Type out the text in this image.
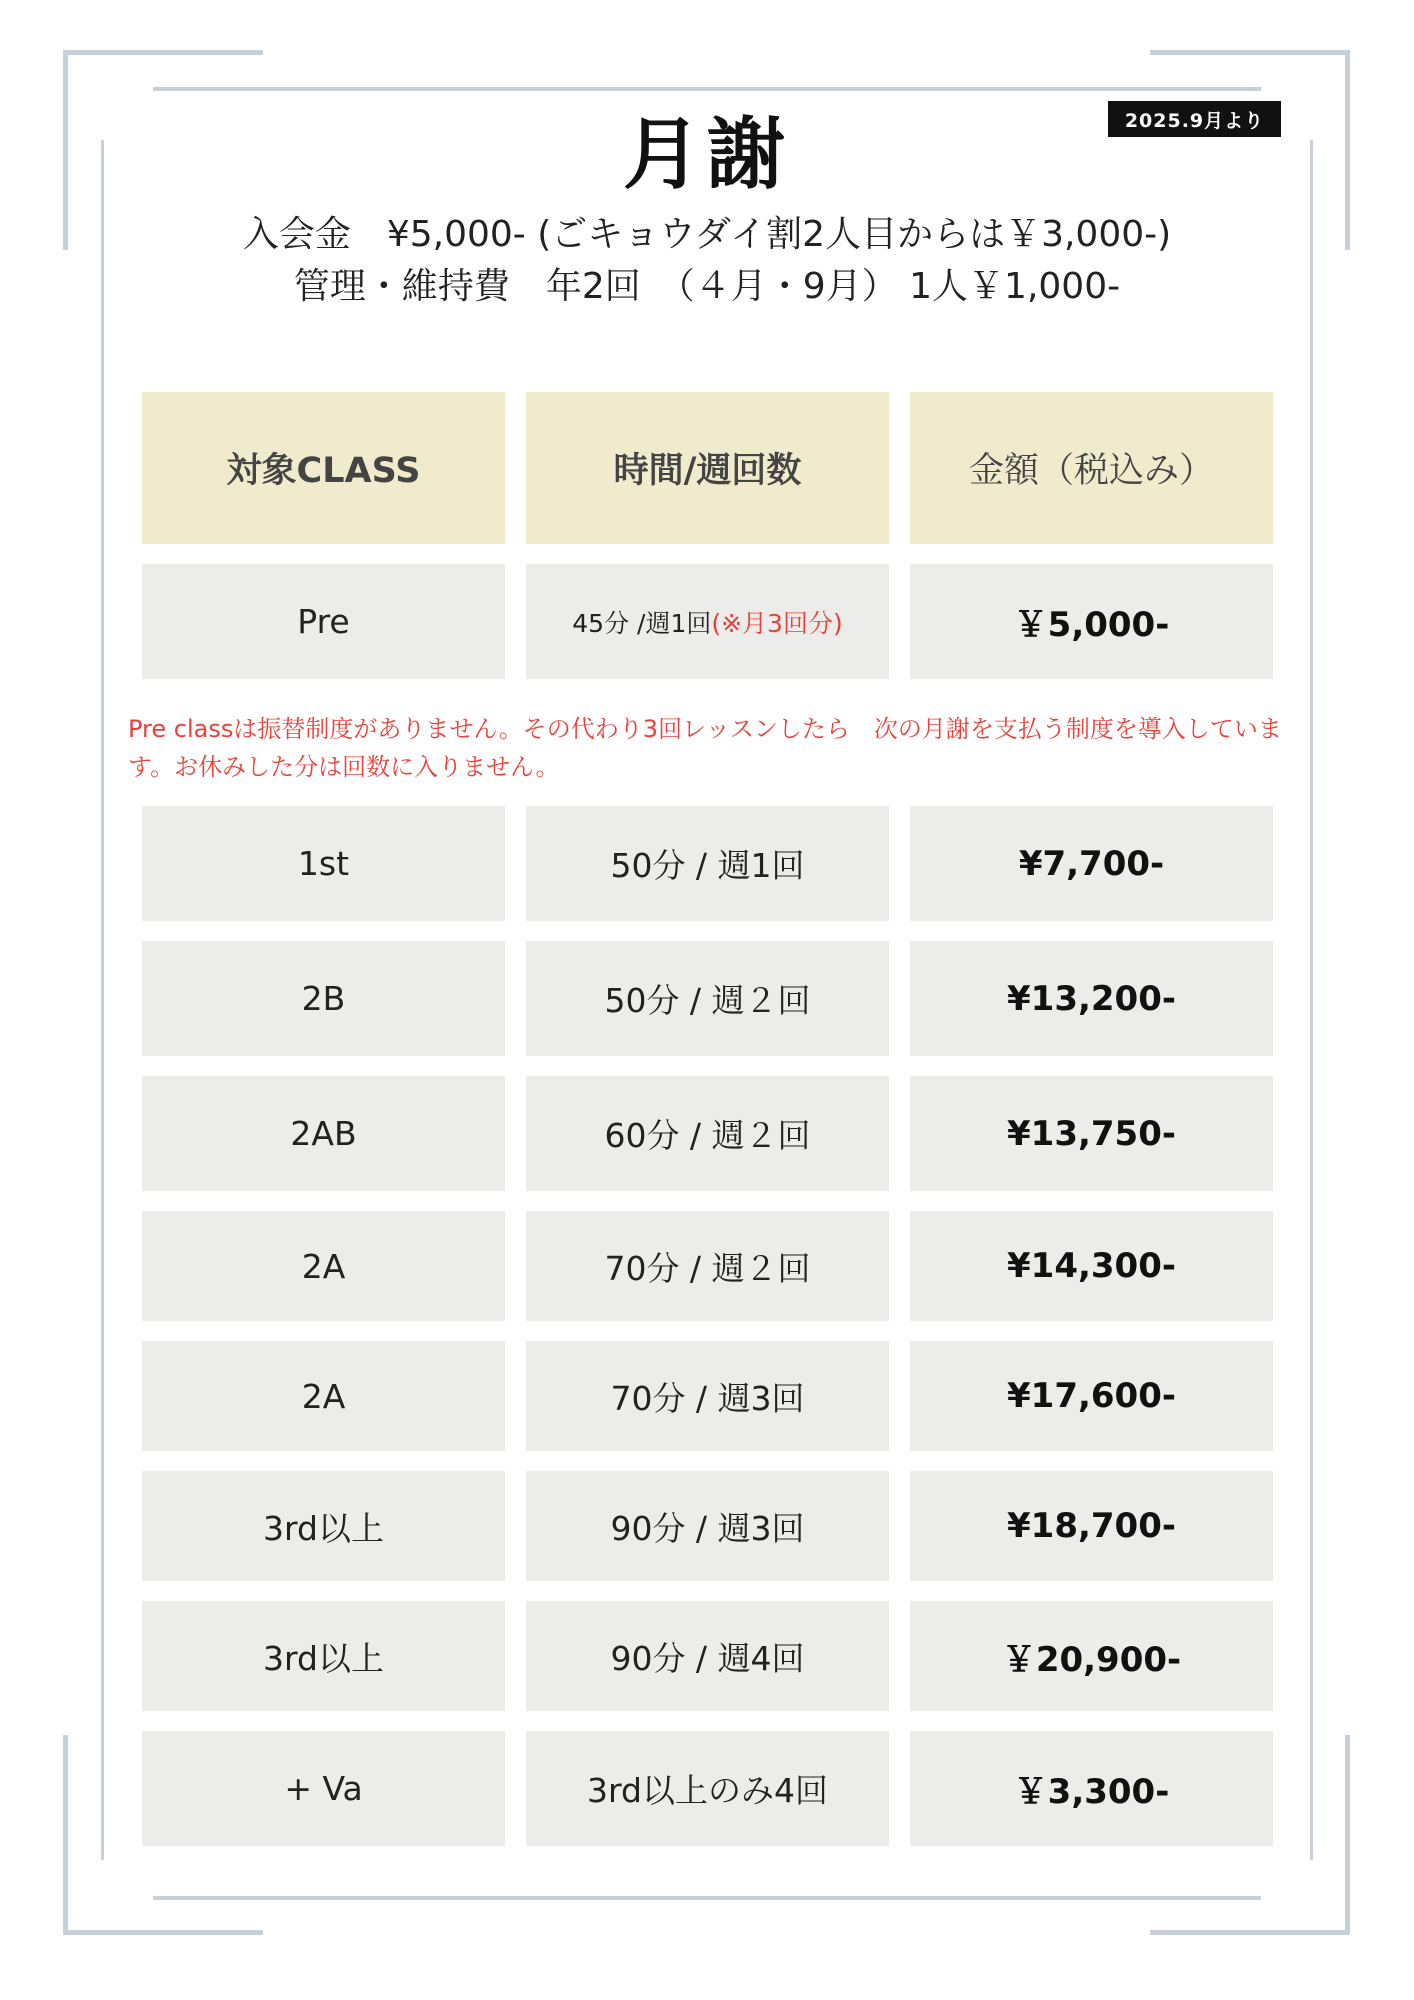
2025.9月より
月謝
入会金　¥5,000- (ごキョウダイ割2人目からは￥3,000-)
管理・維持費　年2回　（４月・9月） 1人￥1,000-
対象CLASS	時間/週回数	金額（税込み）
Pre	45分 /週1回 (※月3回分)	￥5,000-
Pre classは振替制度がありません。その代わり3回レッスンしたら　次の月謝を支払う制度を導入しています。お休みした分は回数に入りません。
1st	50分 / 週1回	¥7,700-
2B	50分 / 週２回	¥13,200-
2AB	60分 / 週２回	¥13,750-
2A	70分 / 週２回	¥14,300-
2A	70分 / 週3回	¥17,600-
3rd以上	90分 / 週3回	¥18,700-
3rd以上	90分 / 週4回	￥20,900-
+ Va	3rd以上のみ4回	￥3,300-
